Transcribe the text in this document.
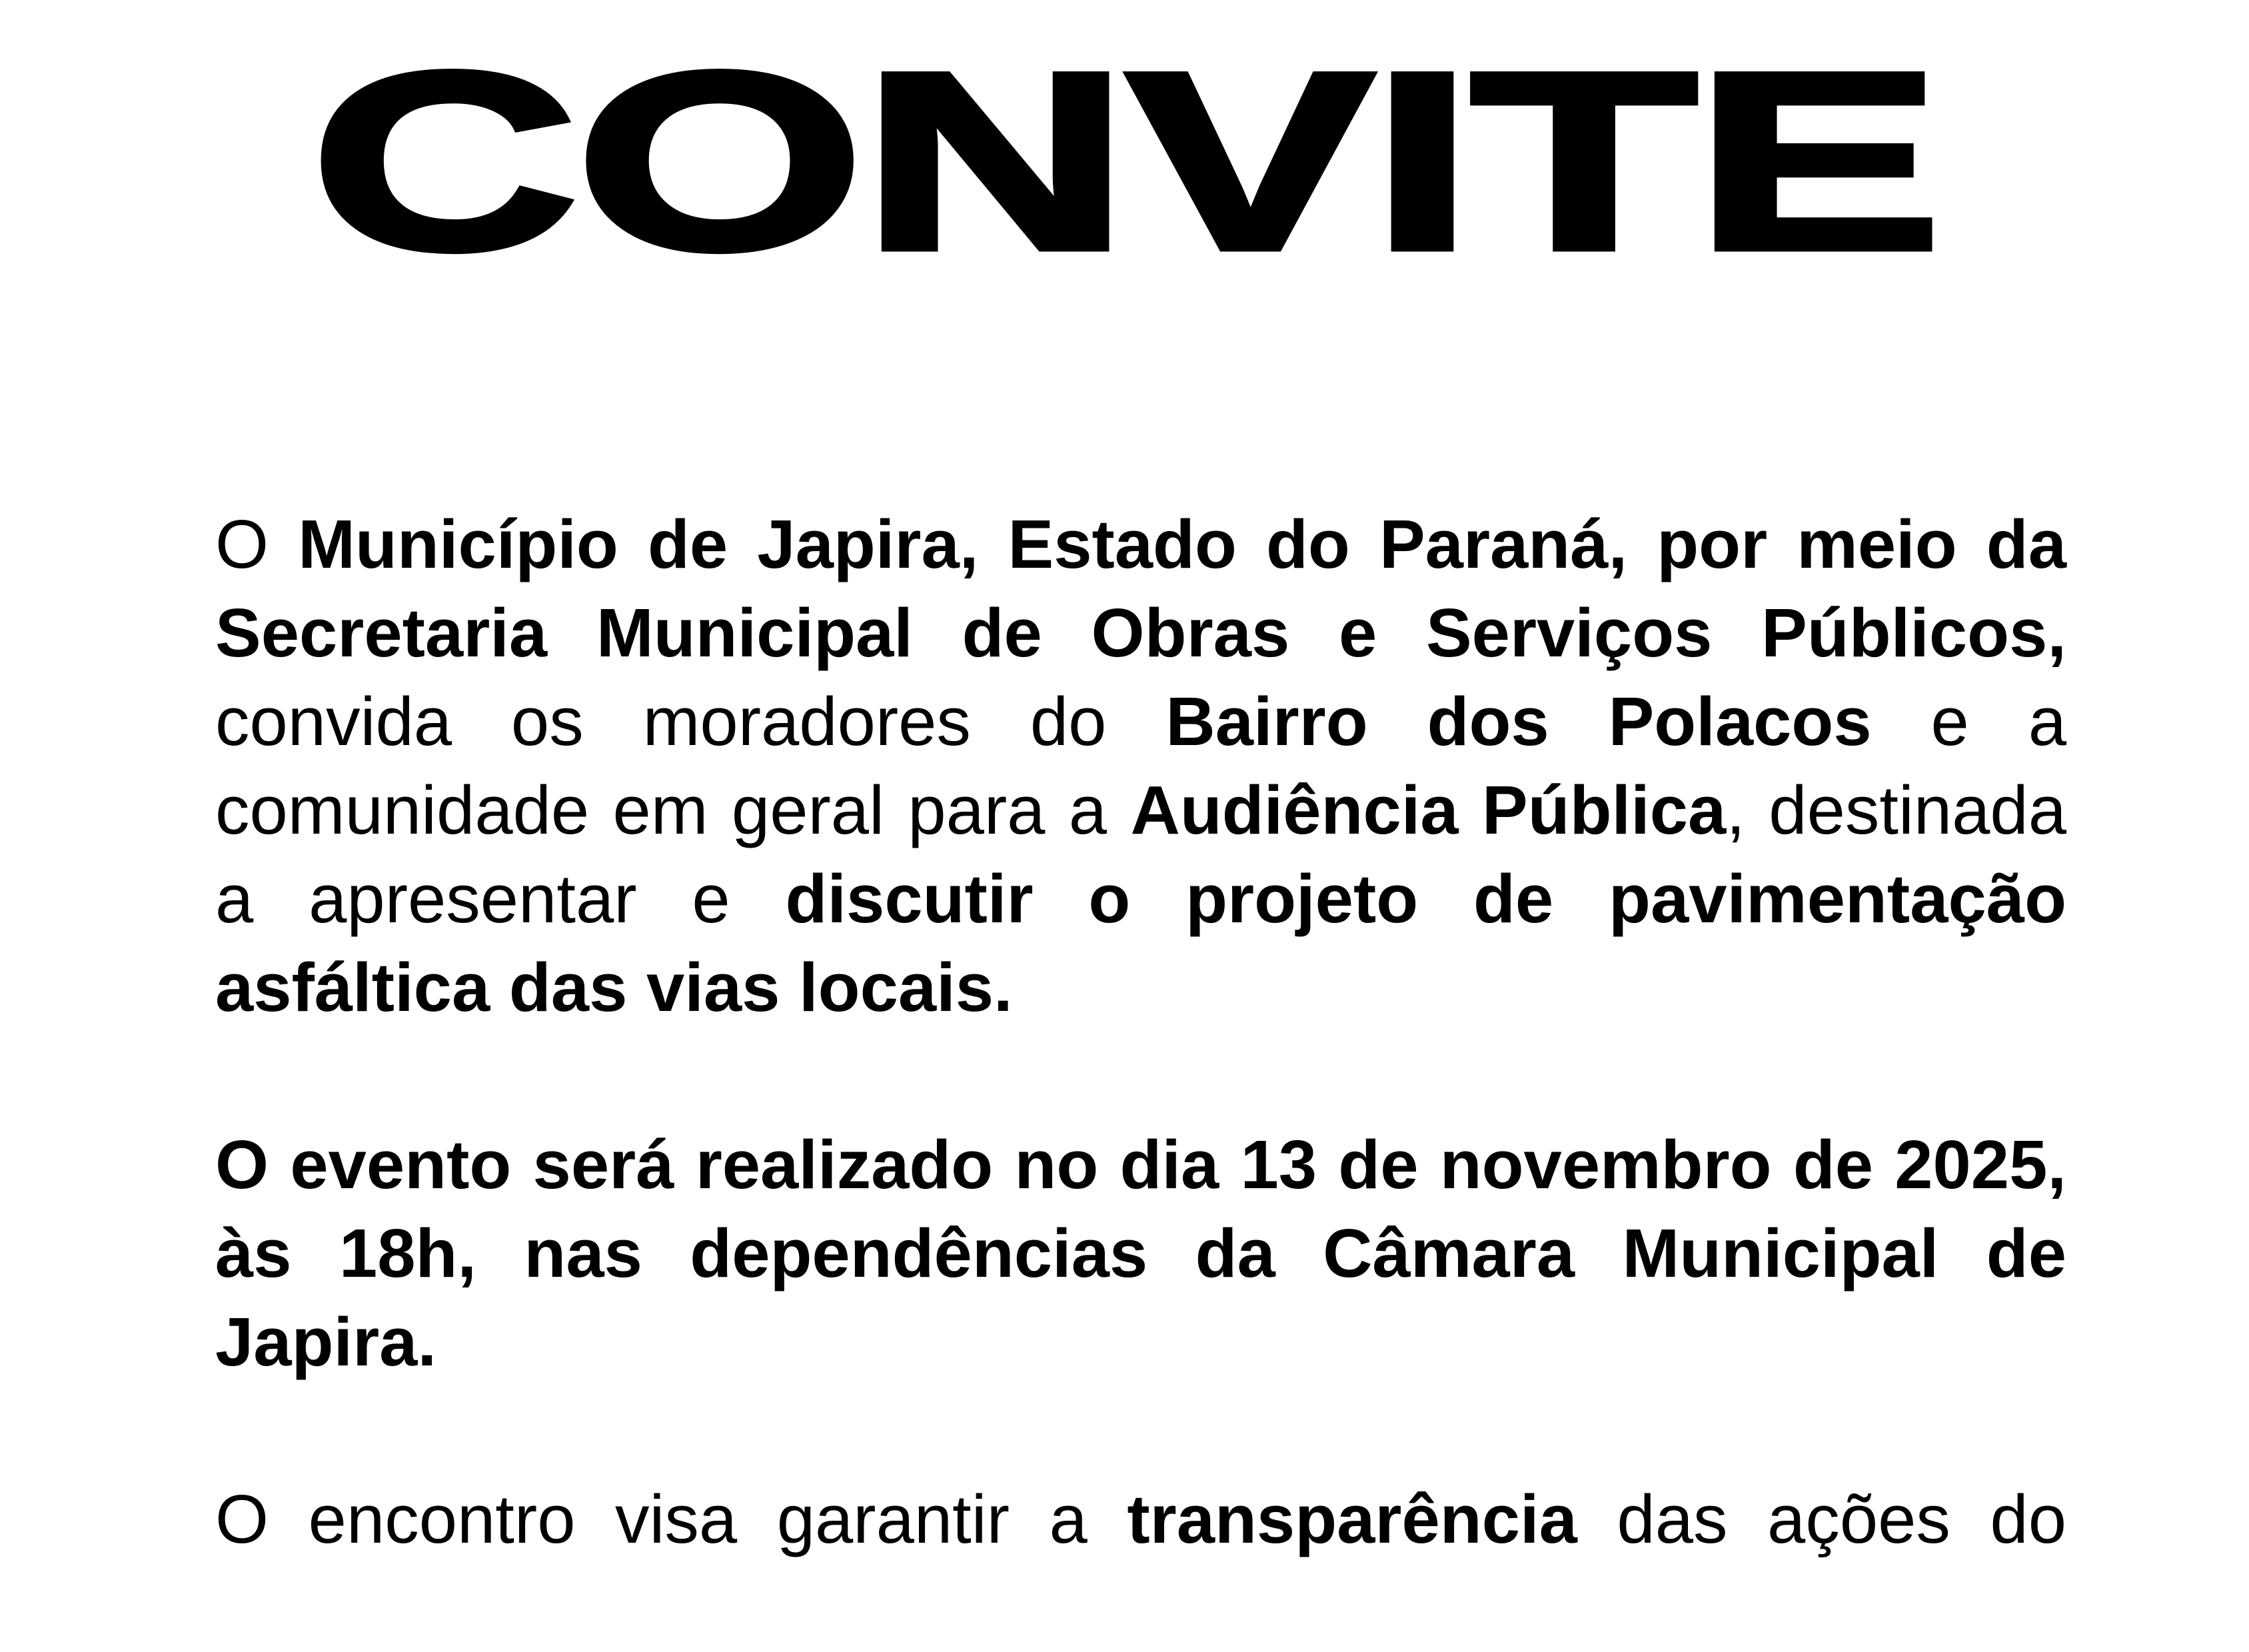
CONVITE

O Município de Japira, Estado do Paraná, por meio da Secretaria Municipal de Obras e Serviços Públicos, convida os moradores do Bairro dos Polacos e a comunidade em geral para a Audiência Pública, destinada a apresentar e discutir o projeto de pavimentação asfáltica das vias locais.

O evento será realizado no dia 13 de novembro de 2025, às 18h, nas dependências da Câmara Municipal de Japira.

O encontro visa garantir a transparência das ações do
